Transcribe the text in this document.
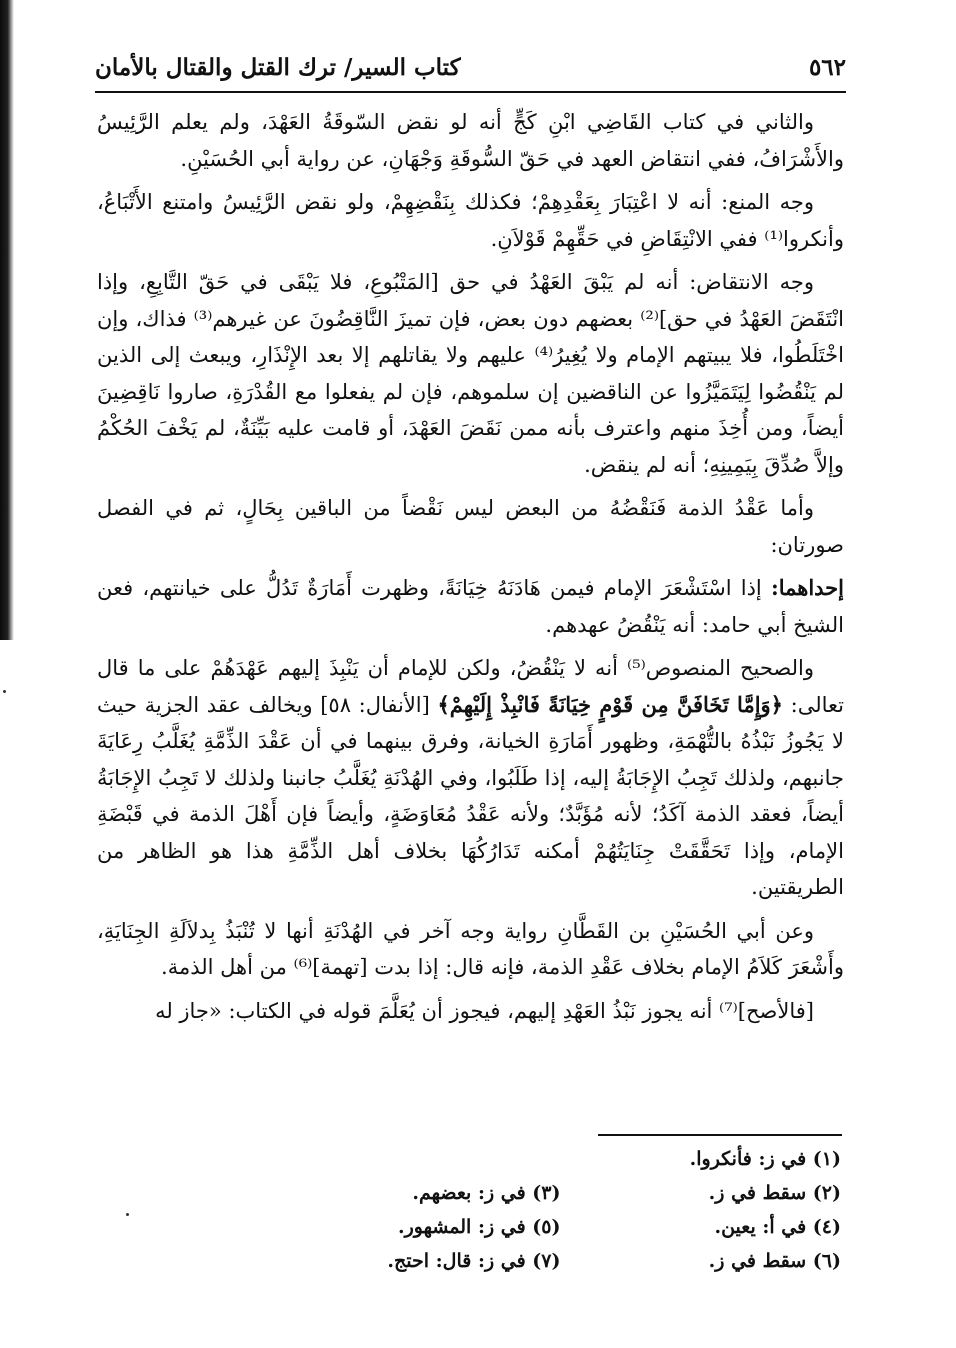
٥٦٢
كتاب السير/ ترك القتل والقتال بالأمان

والثاني في كتاب القَاضِي ابْنِ كَجٍّ أنه لو نقض السّوقَةُ العَهْدَ، ولم يعلم الرَّئِيسُ والأَشْرَافُ، ففي انتقاض العهد في حَقّ السُّوقَةِ وَجْهَانِ، عن رواية أبي الحُسَيْنِ.

وجه المنع: أنه لا اعْتِبَارَ بِعَقْدِهِمْ؛ فكذلك بِنَقْضِهِمْ، ولو نقض الرَّئِيسُ وامتنع الأَتْبَاعُ، وأنكروا⁽¹⁾ ففي الانْتِقَاضِ في حَقِّهِمْ قَوْلاَنِ.

وجه الانتقاض: أنه لم يَبْقَ العَهْدُ في حق [المَتْبُوعِ، فلا يَبْقَى في حَقّ التَّابِعِ، وإذا انْتَقَضَ العَهْدُ في حق]⁽²⁾ بعضهم دون بعض، فإن تميزَ النَّاقِضُونَ عن غيرهم⁽³⁾ فذاك، وإن اخْتَلَطُوا، فلا يبيتهم الإمام ولا يُغِيرُ⁽⁴⁾ عليهم ولا يقاتلهم إلا بعد الإِنْذَارِ، ويبعث إلى الذين لم يَنْقُضُوا لِيَتَمَيَّزُوا عن الناقضين إن سلموهم، فإن لم يفعلوا مع القُدْرَةِ، صاروا نَاقِضِينَ أيضاً، ومن أُخِذَ منهم واعترف بأنه ممن نَقَضَ العَهْدَ، أو قامت عليه بَيِّنَةٌ، لم يَخْفَ الحُكْمُ وإلاَّ صُدِّقَ بِيَمِينِهِ؛ أنه لم ينقض.

وأما عَقْدُ الذمة فَنَقْضُهُ من البعض ليس نَقْضاً من الباقين بِحَالٍ، ثم في الفصل صورتان:

إحداهما: إذا اسْتَشْعَرَ الإمام فيمن هَادَنَهُ خِيَانَةً، وظهرت أَمَارَةٌ تَدُلُّ على خيانتهم، فعن الشيخ أبي حامد: أنه يَنْقُضُ عهدهم.

والصحيح المنصوص⁽⁵⁾ أنه لا يَنْقُضُ، ولكن للإمام أن يَنْبِذَ إليهم عَهْدَهُمْ على ما قال تعالى: ﴿وَإِمَّا تَخَافَنَّ مِن قَوْمٍ خِيَانَةً فَانْبِذْ إِلَيْهِمْ﴾ [الأنفال: ٥٨] ويخالف عقد الجزية حيث لا يَجُوزُ نَبْذُهُ بالتُّهْمَةِ، وظهور أَمَارَةِ الخيانة، وفرق بينهما في أن عَقْدَ الذِّمَّةِ يُغَلَّبُ رِعَايَةَ جانبهم، ولذلك تَجِبُ الإِجَابَةُ إليه، إذا طَلَبُوا، وفي الهُدْنَةِ يُغَلَّبُ جانبنا ولذلك لا تَجِبُ الإِجَابَةُ أيضاً، فعقد الذمة آكَدُ؛ لأنه مُؤَبَّدٌ؛ ولأنه عَقْدُ مُعَاوَضَةٍ، وأيضاً فإن أَهْلَ الذمة في قَبْضَةِ الإمام، وإذا تَحَقَّقَتْ جِنَايَتُهُمْ أمكنه تَدَارُكُهَا بخلاف أهل الذِّمَّةِ هذا هو الظاهر من الطريقتين.

وعن أبي الحُسَيْنِ بن القَطَّانِ رواية وجه آخر في الهُدْنَةِ أنها لا تُنْبَذُ بِدلاَلَةِ الجِنَايَةِ، وأَشْعَرَ كَلاَمُ الإمام بخلاف عَقْدِ الذمة، فإنه قال: إذا بدت [تهمة]⁽⁶⁾ من أهل الذمة.

[فالأصح]⁽⁷⁾ أنه يجوز نَبْذُ العَهْدِ إليهم، فيجوز أن يُعَلَّمَ قوله في الكتاب: «جاز له

(١) في ز: فأنكروا.
(٢) سقط في ز.
(٣) في ز: بعضهم.
(٤) في أ: يعين.
(٥) في ز: المشهور.
(٦) سقط في ز.
(٧) في ز: قال: احتج.
